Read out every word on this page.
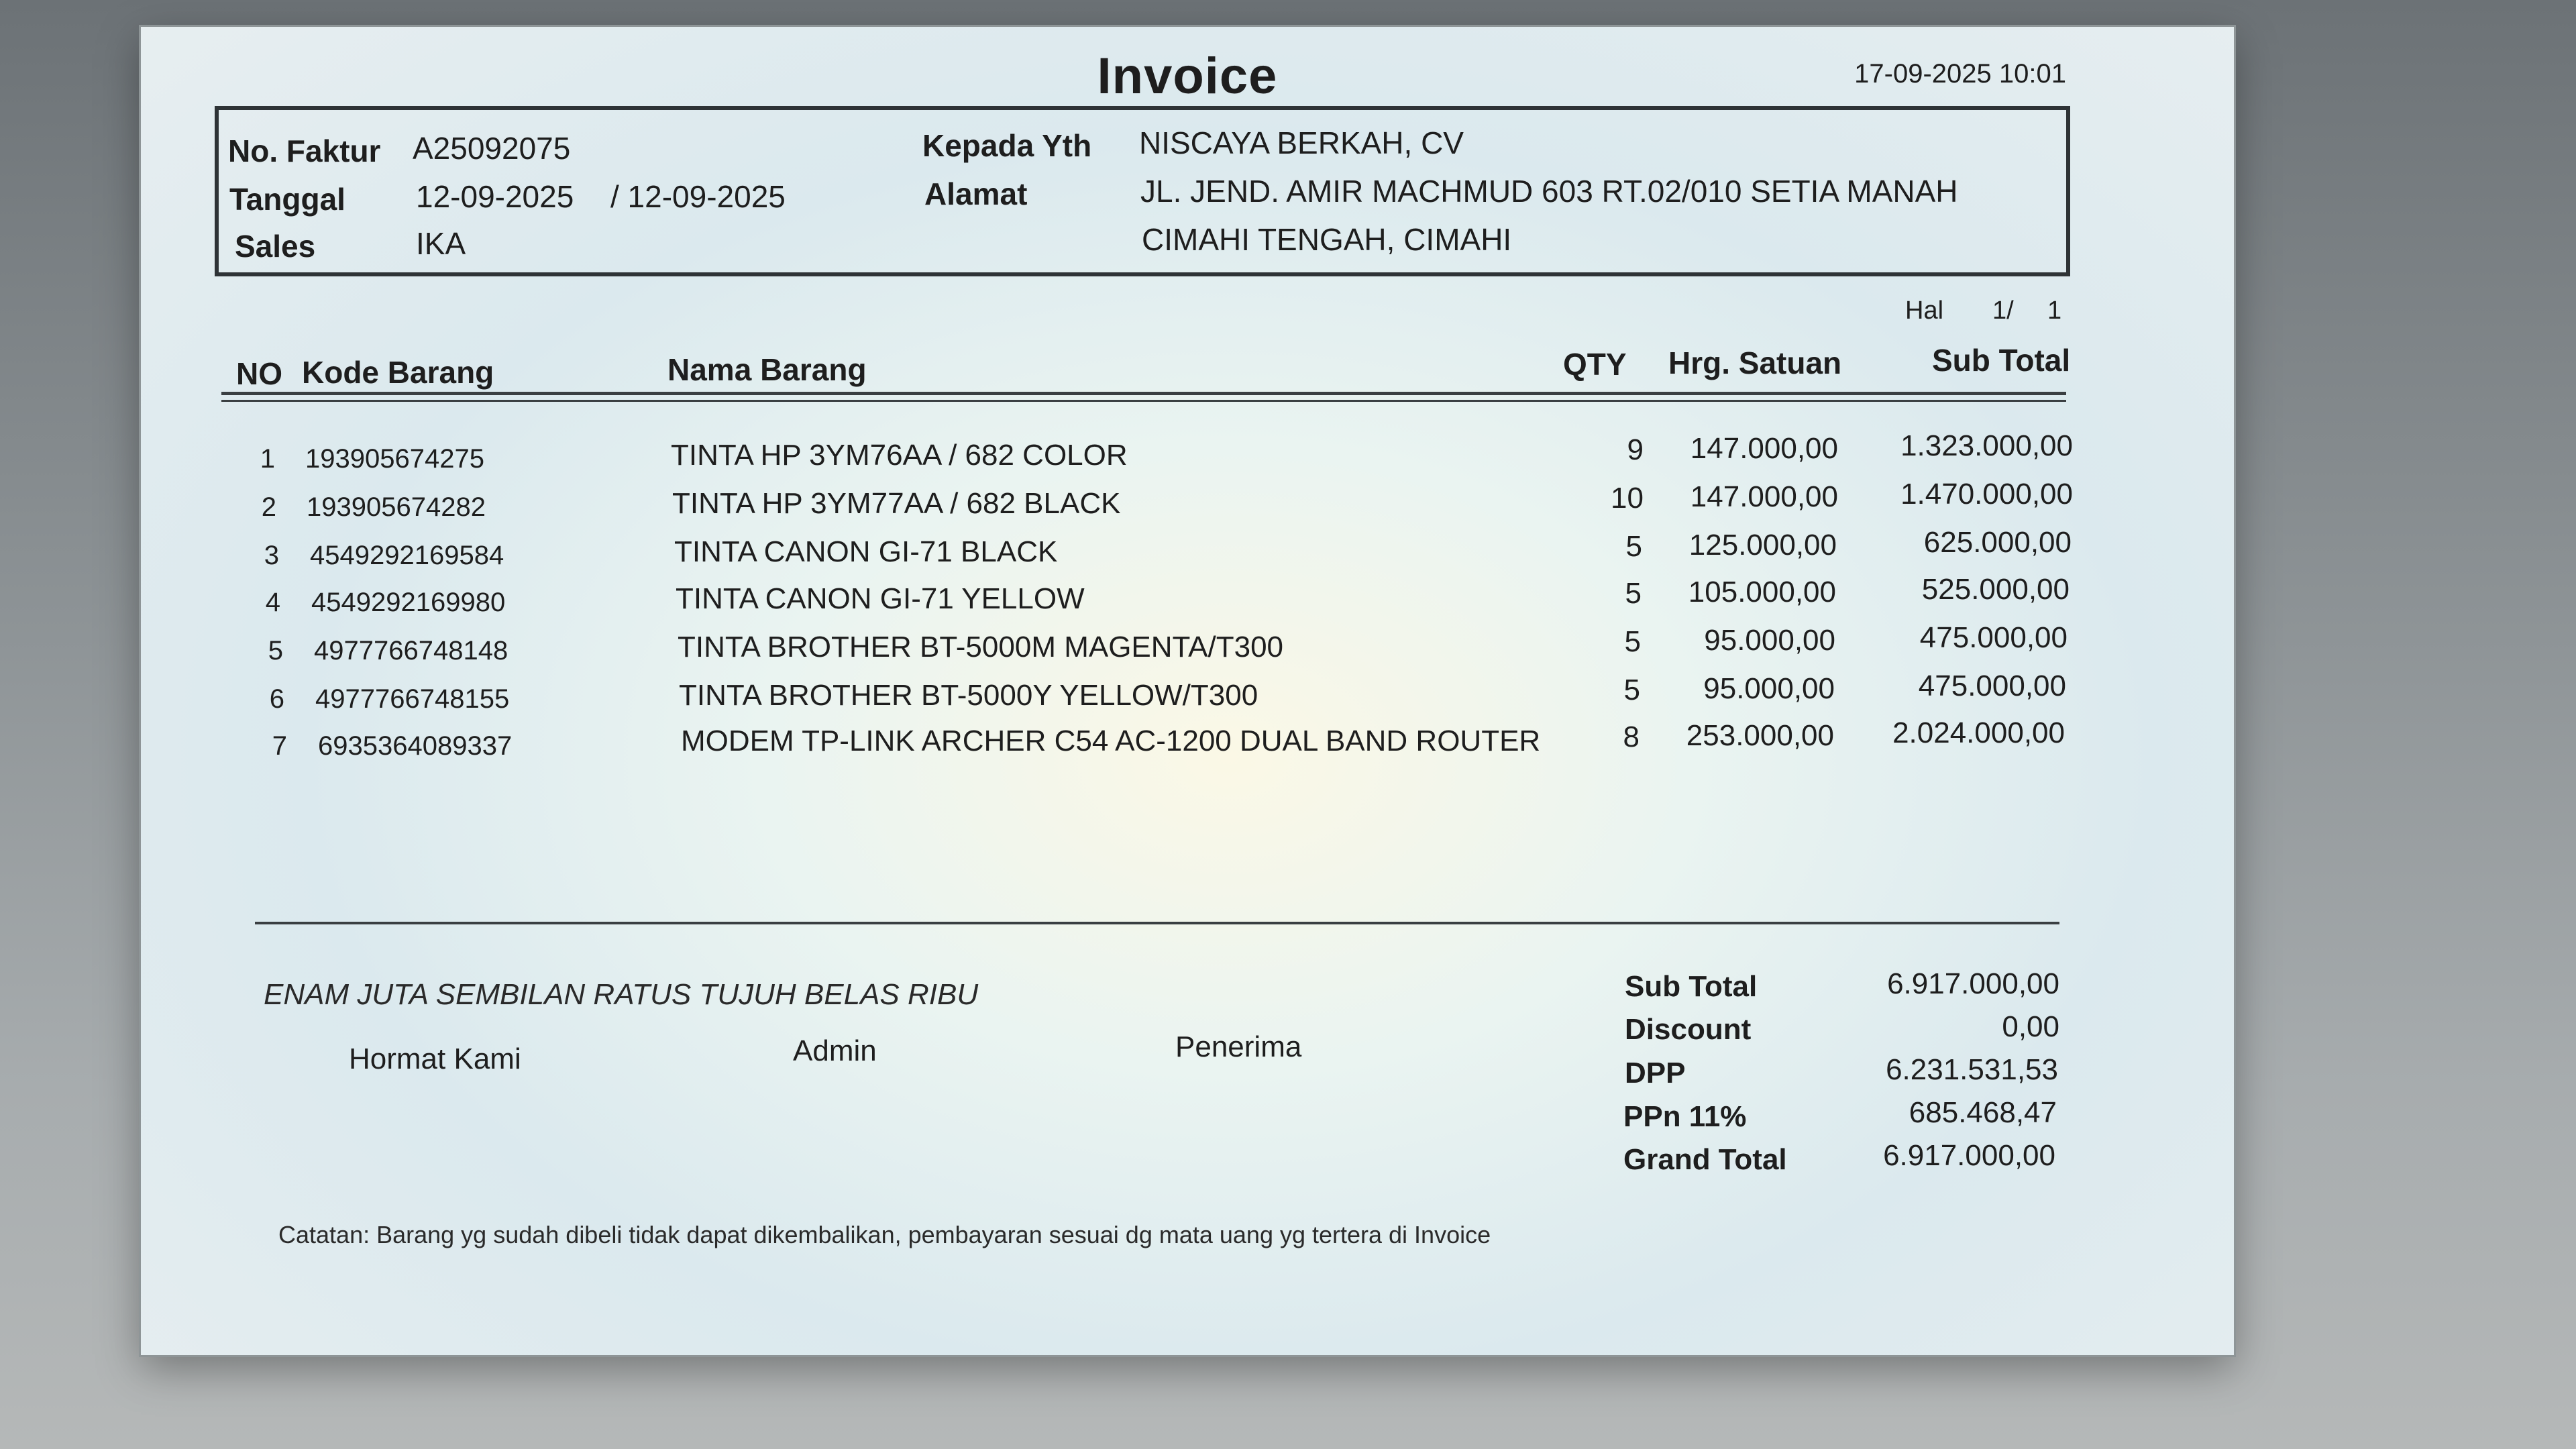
Invoice	17-09-2025 10:01
No. Faktur A25092075
Tanggal 12-09-2025 / 12-09-2025
Sales	IKA
Kepada Yth NISCAYA BERKAH, CV
Alamat	JL. JEND. AMIR MACHMUD 603 RT.02/010 SETIA MANAH
CIMAHI TENGAH, CIMAHI
Hal 1/ 1
NO Kode Barang	Nama Barang	QTY Hrg. Satuan	Sub Total
1 193905674275	TINTA HP 3YM76AA / 682 COLOR	9	147.000,00	1.323.000,00
2 193905674282	TINTA HP 3YM77AA / 682 BLACK	10	147.000,00	1.470.000,00
3 4549292169584	TINTA CANON GI-71 BLACK	5	125.000,00	625.000,00
4 4549292169980	TINTA CANON GI-71 YELLOW	5	105.000,00	525.000,00
5 4977766748148	TINTA BROTHER BT-5000M MAGENTA/T300	5	95.000,00	475.000,00
6 4977766748155	TINTA BROTHER BT-5000Y YELLOW/T300	5	95.000,00	475.000,00
7 6935364089337	MODEM TP-LINK ARCHER C54 AC-1200 DUAL BAND ROUTER	8	253.000,00	2.024.000,00
ENAM JUTA SEMBILAN RATUS TUJUH BELAS RIBU
Hormat Kami	Admin	Penerima
Sub Total	6.917.000,00
Discount	0,00
DPP	6.231.531,53
PPn 11%	685.468,47
Grand Total	6.917.000,00
Catatan: Barang yg sudah dibeli tidak dapat dikembalikan, pembayaran sesuai dg mata uang yg tertera di Invoice
